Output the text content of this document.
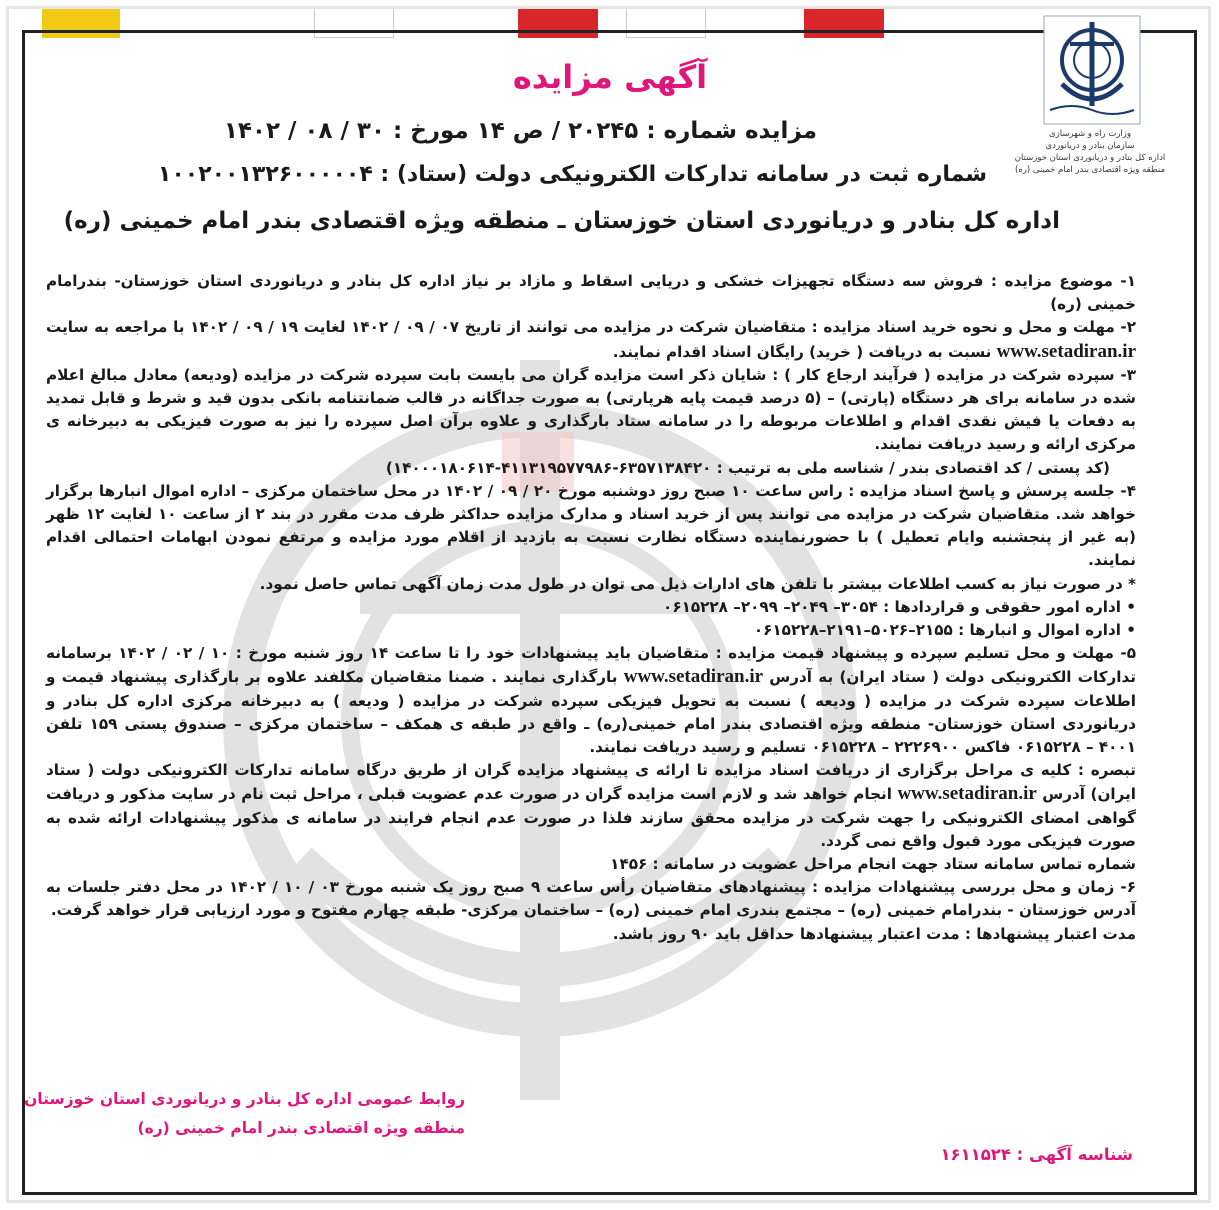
وزارت راه و شهرسازی
سازمان بنادر و دریانوردی
اداره کل بنادر و دریانوردی استان خوزستان
منطقه ویژه اقتصادی بندر امام خمینی (ره)
آگهی مزایده
مزایده شماره : ۲۰۲۴۵ / ص ۱۴ مورخ : ۳۰ / ۰۸ / ۱۴۰۲
شماره ثبت در سامانه تدارکات الکترونیکی دولت (ستاد) : ۱۰۰۲۰۰۱۳۲۶۰۰۰۰۰۴
اداره کل بنادر و دریانوردی استان خوزستان ـ منطقه ویژه اقتصادی بندر امام خمینی (ره)

۱- موضوع مزایده : فروش سه دستگاه تجهیزات خشکی و دریایی اسقاط و مازاد بر نیاز اداره کل بنادر و دریانوردی استان خوزستان- بندرامام خمینی (ره)

۲- مهلت و محل و نحوه خرید اسناد مزایده : متقاضیان شرکت در مزایده می توانند از تاریخ ۰۷ / ۰۹ / ۱۴۰۲ لغایت ۱۹ / ۰۹ / ۱۴۰۲ با مراجعه به سایت www.setadiran.ir نسبت به دریافت ( خرید) رایگان اسناد اقدام نمایند.

۳- سپرده شرکت در مزایده ( فرآیند ارجاع کار ) : شایان ذکر است مزایده گران می بایست بابت سپرده شرکت در مزایده (ودیعه) معادل مبالغ اعلام شده در سامانه برای هر دستگاه (پارتی) – (۵ درصد قیمت پایه هرپارتی) به صورت جداگانه در قالب ضمانتنامه بانکی بدون قید و شرط و قابل تمدید به دفعات یا فیش نقدی اقدام و اطلاعات مربوطه را در سامانه ستاد بارگذاری و علاوه برآن اصل سپرده را نیز به صورت فیزیکی به دبیرخانه ی مرکزی ارائه و رسید دریافت نمایند.

(کد پستی / کد اقتصادی بندر / شناسه ملی به ترتیب : ۶۳۵۷۱۳۸۴۲۰-۴۱۱۳۱۹۵۷۷۹۸۶-۱۴۰۰۰۱۸۰۶۱۴)

۴- جلسه پرسش و پاسخ اسناد مزایده : راس ساعت ۱۰ صبح روز دوشنبه مورخ ۲۰ / ۰۹ / ۱۴۰۲ در محل ساختمان مرکزی – اداره اموال انبارها برگزار خواهد شد. متقاضیان شرکت در مزایده می توانند پس از خرید اسناد و مدارک مزایده حداکثر ظرف مدت مقرر در بند ۲ از ساعت ۱۰ لغایت ۱۲ ظهر (به غیر از پنجشنبه وایام تعطیل ) با حضورنماینده دستگاه نظارت نسبت به بازدید از اقلام مورد مزایده و مرتفع نمودن ابهامات احتمالی اقدام نمایند.

* در صورت نیاز به کسب اطلاعات بیشتر با تلفن های ادارات ذیل می توان در طول مدت زمان آگهی تماس حاصل نمود.

• اداره امور حقوقی و قراردادها : ۳۰۵۴– ۲۰۴۹– ۲۰۹۹– ۰۶۱۵۲۲۸

• اداره اموال و انبارها : ۲۱۵۵–۵۰۲۶–۲۱۹۱–۰۶۱۵۲۲۸

۵- مهلت و محل تسلیم سپرده و پیشنهاد قیمت مزایده : متقاضیان باید پیشنهادات خود را تا ساعت ۱۴ روز شنبه مورخ : ۱۰ / ۰۲ / ۱۴۰۲ برسامانه تدارکات الکترونیکی دولت ( ستاد ایران) به آدرس www.setadiran.ir بارگذاری نمایند . ضمنا متقاضیان مکلفند علاوه بر بارگذاری پیشنهاد قیمت و اطلاعات سپرده شرکت در مزایده ( ودیعه ) نسبت به تحویل فیزیکی سپرده شرکت در مزایده ( ودیعه ) به دبیرخانه مرکزی اداره کل بنادر و دریانوردی استان خوزستان- منطقه ویژه اقتصادی بندر امام خمینی(ره) ـ واقع در طبقه ی همکف – ساختمان مرکزی – صندوق پستی ۱۵۹ تلفن ۴۰۰۱ – ۰۶۱۵۲۲۸ فاکس ۲۲۲۶۹۰۰ – ۰۶۱۵۲۲۸ تسلیم و رسید دریافت نمایند.

تبصره : کلیه ی مراحل برگزاری از دریافت اسناد مزایده تا ارائه ی پیشنهاد مزایده گران از طریق درگاه سامانه تدارکات الکترونیکی دولت ( ستاد ایران) آدرس www.setadiran.ir انجام خواهد شد و لازم است مزایده گران در صورت عدم عضویت قبلی ، مراحل ثبت نام در سایت مذکور و دریافت گواهی امضای الکترونیکی را جهت شرکت در مزایده محقق سازند فلذا در صورت عدم انجام فرایند در سامانه ی مذکور پیشنهادات ارائه شده به صورت فیزیکی مورد قبول واقع نمی گردد.

شماره تماس سامانه ستاد جهت انجام مراحل عضویت در سامانه : ۱۴۵۶

۶- زمان و محل بررسی پیشنهادات مزایده : پیشنهادهای متقاضیان رأس ساعت ۹ صبح روز یک شنبه مورخ ۰۳ / ۱۰ / ۱۴۰۲ در محل دفتر جلسات به آدرس خوزستان - بندرامام خمینی (ره) – مجتمع بندری امام خمینی (ره) – ساختمان مرکزی- طبقه چهارم مفتوح و مورد ارزیابی قرار خواهد گرفت.

مدت اعتبار پیشنهادها : مدت اعتبار پیشنهادها حداقل باید ۹۰ روز باشد.

روابط عمومی اداره کل بنادر و دریانوردی استان خوزستان
منطقه ویژه اقتصادی بندر امام خمینی (ره)
شناسه آگهی : ۱۶۱۱۵۲۴
